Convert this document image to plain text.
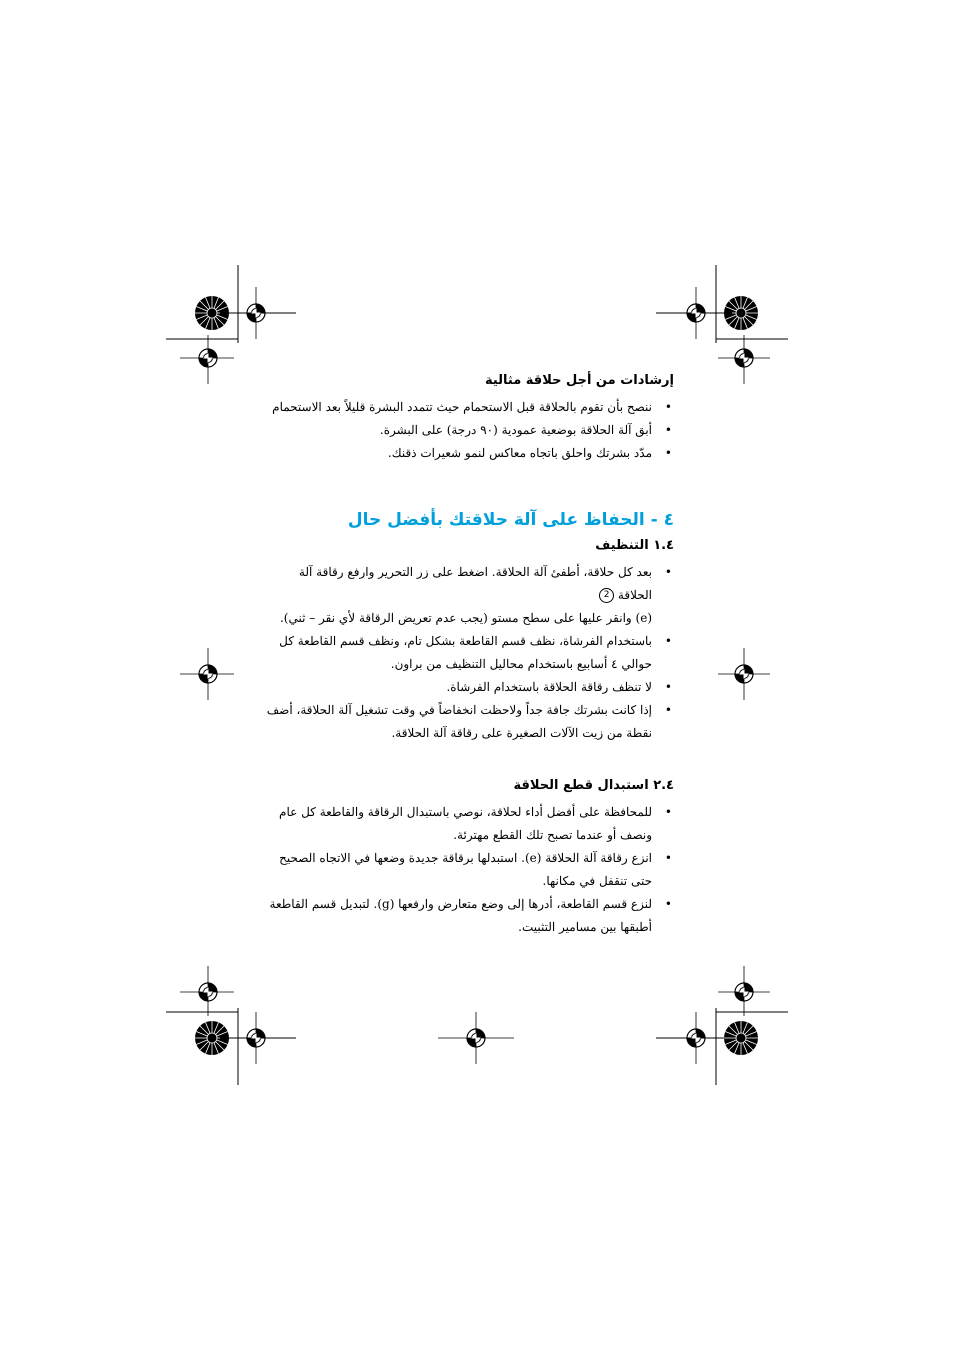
إرشادات من أجل حلاقة مثالية
•
ننصح بأن تقوم بالحلاقة قبل الاستحمام حيث تتمدد البشرة قليلاً بعد الاستحمام
•
أبق آلة الحلاقة بوضعية عمودية (٩٠ درجة) على البشرة.
•
مدّد بشرتك واحلق باتجاه معاكس لنمو شعيرات ذقنك.
٤ - الحفاظ على آلة حلاقتك بأفضل حال
١.٤ التنظيف
•
بعد كل حلاقة، أطفئ آلة الحلاقة. اضغط على زر التحرير وارفع رقاقة آلة الحلاقة 2
(e) وانقر عليها على سطح مستو (يجب عدم تعريض الرقاقة لأي نقر – ثني).
•
باستخدام الفرشاة، نظف قسم القاطعة بشكل تام، ونظف قسم القاطعة كل حوالي ٤ أسابيع باستخدام محاليل التنظيف من براون.
•
لا تنظف رقاقة الحلاقة باستخدام الفرشاة.
•
إذا كانت بشرتك جافة جداً ولاحظت انخفاضاً في وقت تشغيل آلة الحلاقة، أضف نقطة من زيت الآلات الصغيرة على رقاقة آلة الحلاقة.
٢.٤ استبدال قطع الحلاقة
•
للمحافظة على أفضل أداء لحلاقة، نوصي باستبدال الرقاقة والقاطعة كل عام ونصف أو عندما تصبح تلك القطع مهترئة.
•
انزع رقاقة آلة الحلاقة (e). استبدلها برقاقة جديدة وضعها في الاتجاه الصحيح حتى تنقفل في مكانها.
•
لنزع قسم القاطعة، أدرها إلى وضع متعارض وارفعها (g). لتبديل قسم القاطعة أطبقها بين مسامير التثبيت.
